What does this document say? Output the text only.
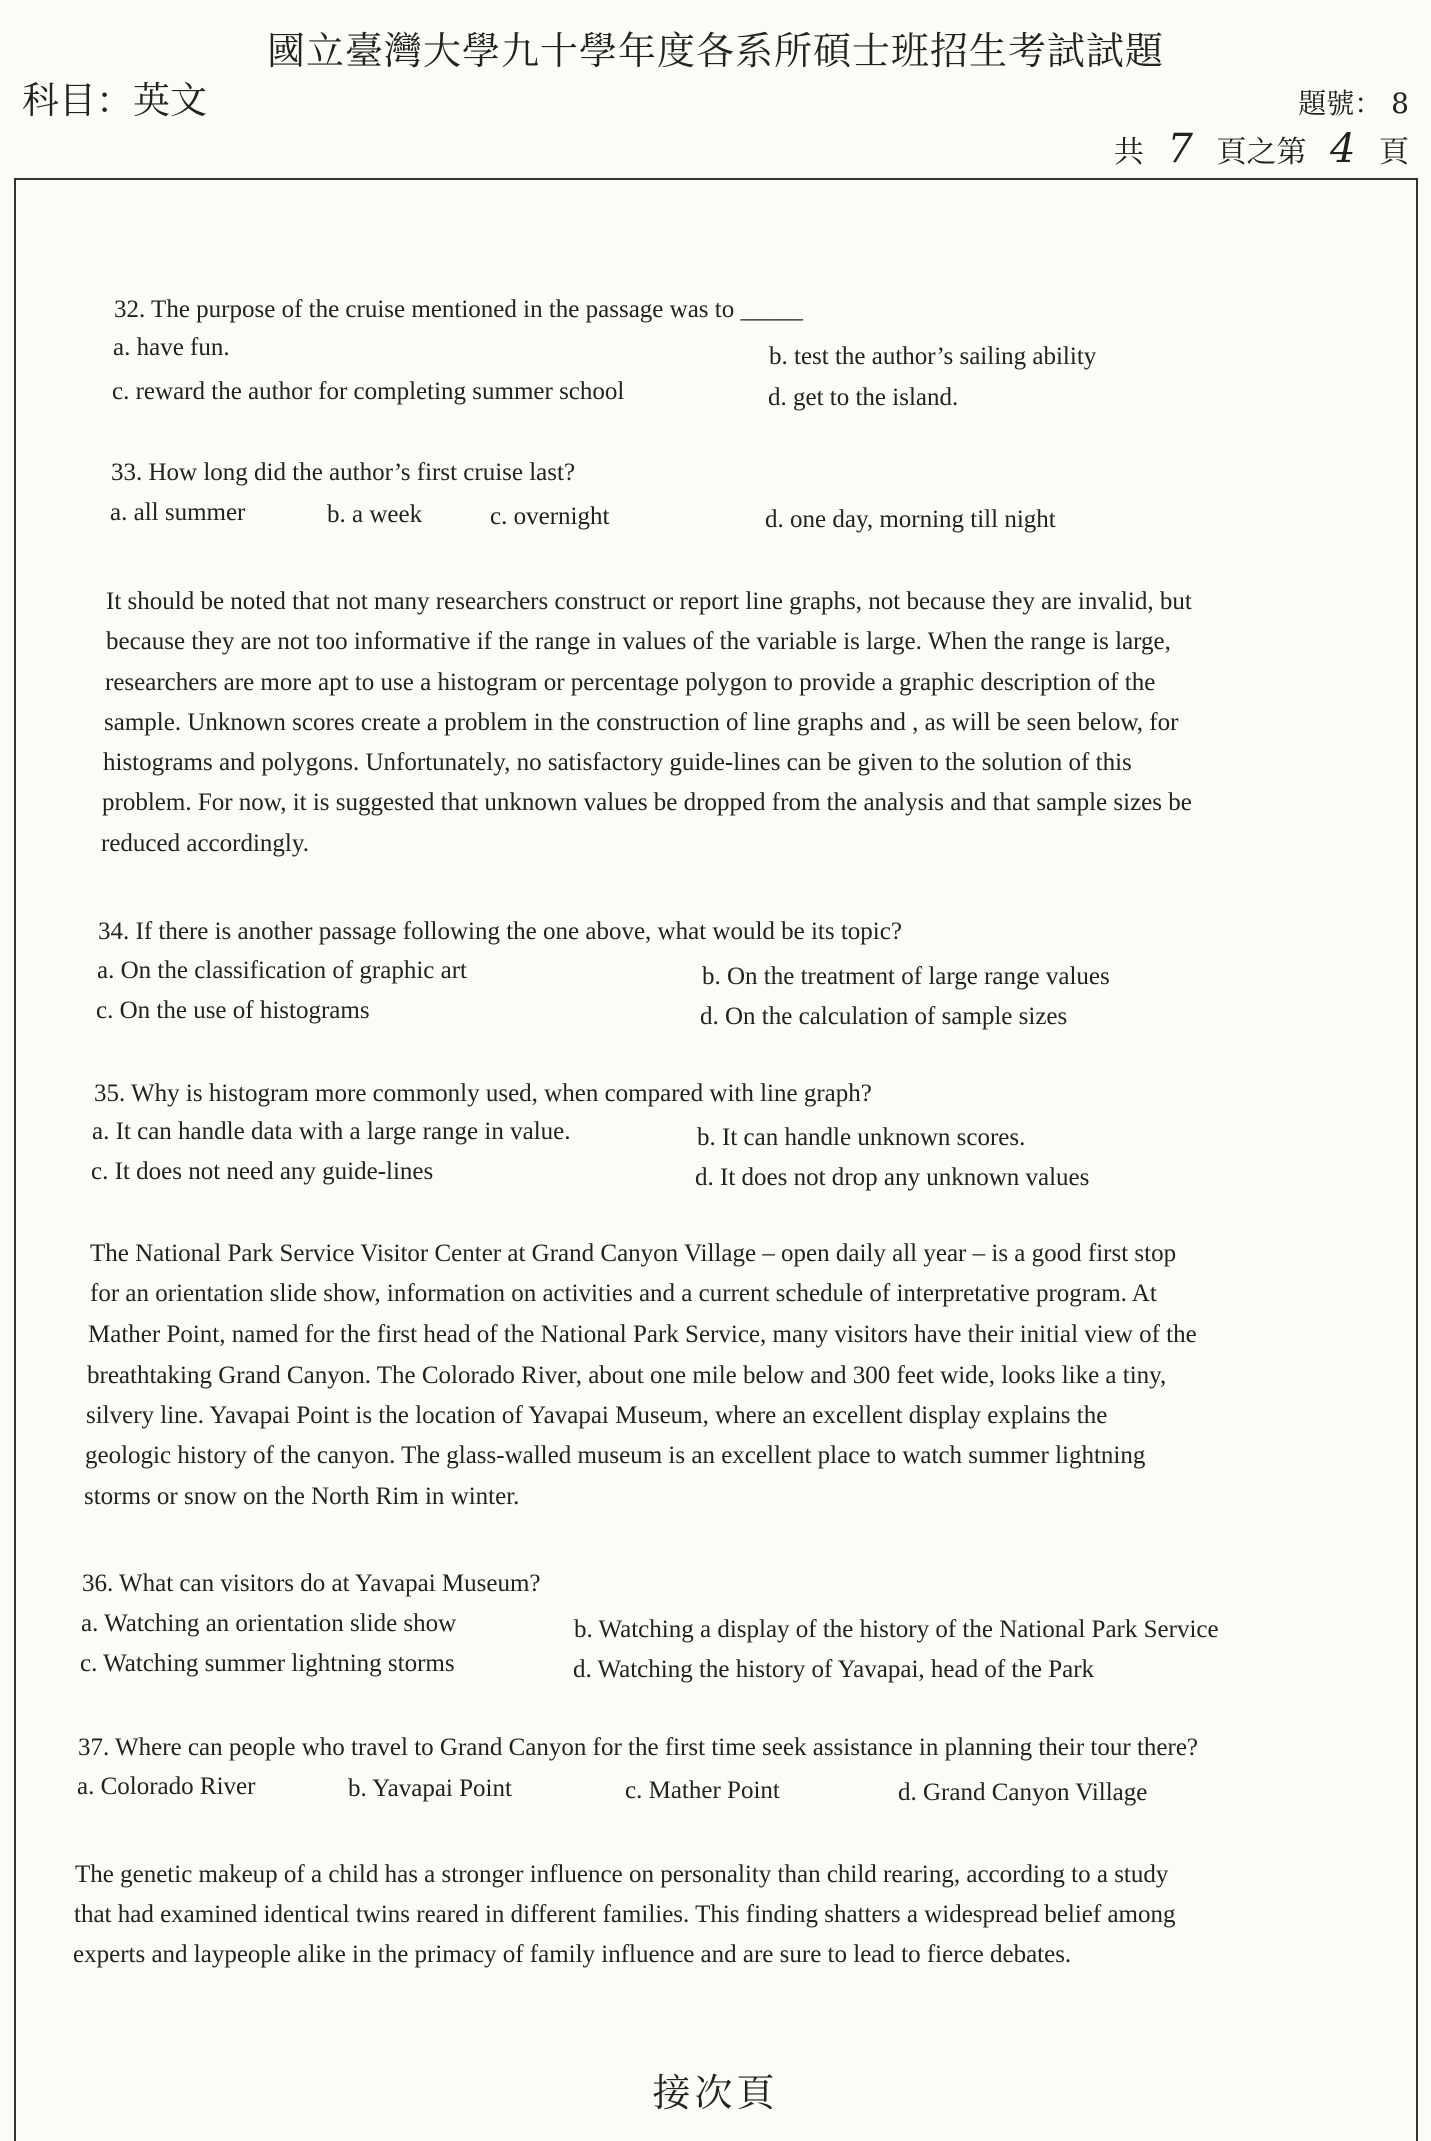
國立臺灣大學九十學年度各系所碩士班招生考試試題
科目：英文	題號： 8
共 7 頁之第 4 頁
32. The purpose of the cruise mentioned in the passage was to _____
a. have fun.	b. test the author’s sailing ability
c. reward the author for completing summer school	d. get to the island.
33. How long did the author’s first cruise last?
a. all summer	b. a week	c. overnight	d. one day, morning till night
It should be noted that not many researchers construct or report line graphs, not because they are invalid, but
because they are not too informative if the range in values of the variable is large. When the range is large,
researchers are more apt to use a histogram or percentage polygon to provide a graphic description of the
sample. Unknown scores create a problem in the construction of line graphs and , as will be seen below, for
histograms and polygons. Unfortunately, no satisfactory guide-lines can be given to the solution of this
problem. For now, it is suggested that unknown values be dropped from the analysis and that sample sizes be
reduced accordingly.
34. If there is another passage following the one above, what would be its topic?
a. On the classification of graphic art	b. On the treatment of large range values
c. On the use of histograms	d. On the calculation of sample sizes
35. Why is histogram more commonly used, when compared with line graph?
a. It can handle data with a large range in value.	b. It can handle unknown scores.
c. It does not need any guide-lines	d. It does not drop any unknown values
The National Park Service Visitor Center at Grand Canyon Village – open daily all year – is a good first stop
for an orientation slide show, information on activities and a current schedule of interpretative program. At
Mather Point, named for the first head of the National Park Service, many visitors have their initial view of the
breathtaking Grand Canyon. The Colorado River, about one mile below and 300 feet wide, looks like a tiny,
silvery line. Yavapai Point is the location of Yavapai Museum, where an excellent display explains the
geologic history of the canyon. The glass-walled museum is an excellent place to watch summer lightning
storms or snow on the North Rim in winter.
36. What can visitors do at Yavapai Museum?
a. Watching an orientation slide show	b. Watching a display of the history of the National Park Service
c. Watching summer lightning storms	d. Watching the history of Yavapai, head of the Park
37. Where can people who travel to Grand Canyon for the first time seek assistance in planning their tour there?
a. Colorado River	b. Yavapai Point	c. Mather Point	d. Grand Canyon Village
The genetic makeup of a child has a stronger influence on personality than child rearing, according to a study
that had examined identical twins reared in different families. This finding shatters a widespread belief among
experts and laypeople alike in the primacy of family influence and are sure to lead to fierce debates.
接次頁
